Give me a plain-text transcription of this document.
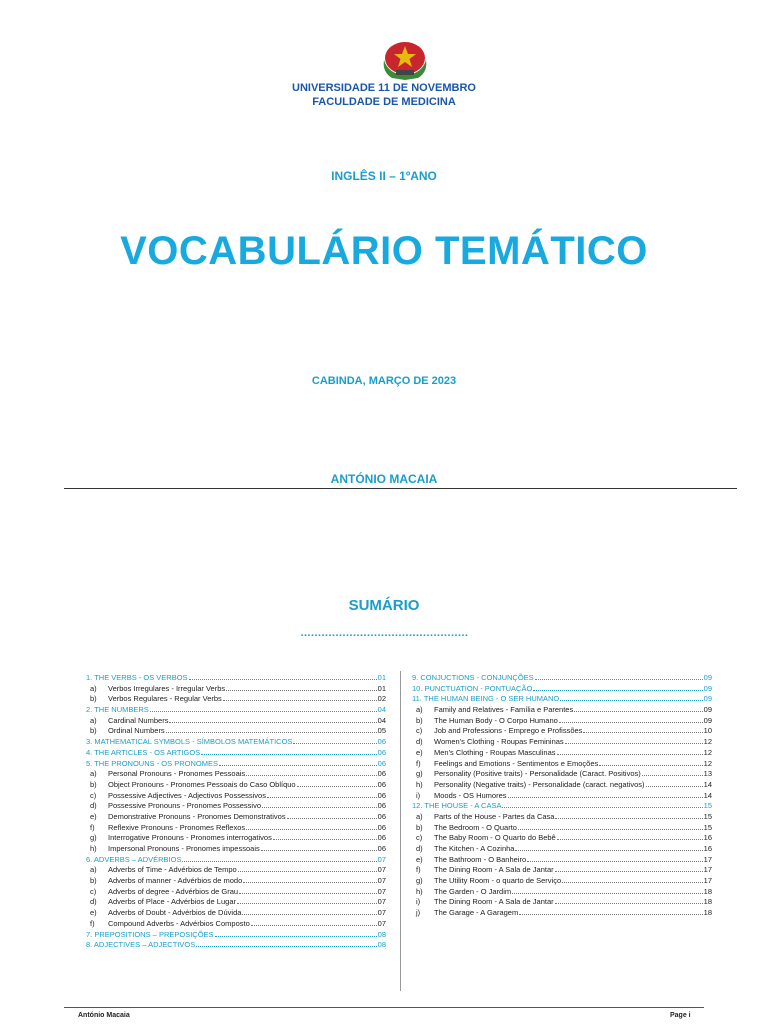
UNIVERSIDADE 11 DE NOVEMBRO
FACULDADE DE MEDICINA
INGLÊS II – 1ºANO
VOCABULÁRIO TEMÁTICO
CABINDA, MARÇO DE 2023
ANTÓNIO MACAIA
SUMÁRIO
…………………………………………
1. THE VERBS - OS VERBOS	01
a)	Verbos Irregulares - Irregular Verbs	01
b)	Verbos Regulares - Regular Verbs	02
2. THE NUMBERS	04
a)	Cardinal Numbers	04
b)	Ordinal Numbers	05
3. MATHEMATICAL SYMBOLS - SÍMBOLOS MATEMÁTICOS	06
4. THE ARTICLES - OS ARTIGOS	06
5. THE PRONOUNS - OS PRONOMES	06
a)	Personal Pronouns - Pronomes Pessoais	06
b)	Object Pronouns - Pronomes Pessoais do Caso Oblíquo	06
c)	Possessive Adjectives - Adjectivos Possessivos	06
d)	Possessive Pronouns - Pronomes Possessivo	06
e)	Demonstrative Pronouns - Pronomes Demonstrativos	06
f)	Reflexive Pronouns - Pronomes Reflexos	06
g)	Interrogative Pronouns - Pronomes interrogativos	06
h)	Impersonal Pronouns - Pronomes impessoais	06
6. ADVERBS – ADVÉRBIOS	07
a)	Adverbs of Time - Advérbios de Tempo	07
b)	Adverbs of manner - Advérbios de modo	07
c)	Adverbs of degree - Advérbios de Grau	07
d)	Adverbs of Place - Advérbios de Lugar	07
e)	Adverbs of Doubt - Advérbios de Dúvida	07
f)	Compound Adverbs - Advérbios Composto	07
7. PREPOSITIONS – PREPOSIÇÕES	08
8. ADJECTIVES – ADJECTIVOS	08
9. CONJUCTIONS - CONJUNÇÕES	09
10. PUNCTUATION - PONTUAÇÃO	09
11. THE HUMAN BEING - O SER HUMANO	09
a)	Family and Relatives - Família e Parentes	09
b)	The Human Body - O Corpo Humano	09
c)	Job and Professions - Emprego e Profissões	10
d)	Women's Clothing - Roupas Femininas	12
e)	Men's Clothing - Roupas Masculinas	12
f)	Feelings and Emotions - Sentimentos e Emoções	12
g)	Personality (Positive traits) - Personalidade (Caract. Positivos)	13
h)	Personality (Negative traits) - Personalidade (caract. negativos)	14
i)	Moods - OS Humores	14
12. THE HOUSE - A CASA	15
a)	Parts of the House - Partes da Casa	15
b)	The Bedroom - O Quarto	15
c)	The Baby Room - O Quarto do Bebê	16
d)	The Kitchen - A Cozinha	16
e)	The Bathroom - O Banheiro	17
f)	The Dining Room - A Sala de Jantar	17
g)	The Utility Room - o quarto de Serviço	17
h)	The Garden - O Jardim	18
i)	The Dining Room - A Sala de Jantar	18
j)	The Garage - A Garagem	18
António Macaia	Page i
